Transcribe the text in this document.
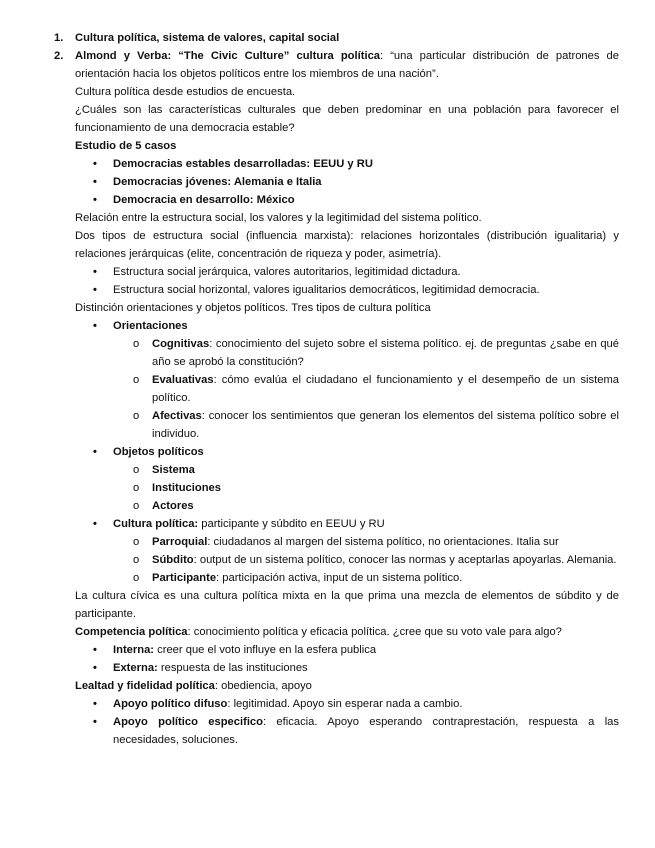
1. Cultura política, sistema de valores, capital social
2. Almond y Verba: “The Civic Culture” cultura política: “una particular distribución de patrones de orientación hacia los objetos políticos entre los miembros de una nación”.
Cultura política desde estudios de encuesta.
¿Cuáles son las características culturales que deben predominar en una población para favorecer el funcionamiento de una democracia estable?
Estudio de 5 casos
• Democracias estables desarrolladas: EEUU y RU
• Democracias jóvenes: Alemania e Italia
• Democracia en desarrollo: México
Relación entre la estructura social, los valores y la legitimidad del sistema político.
Dos tipos de estructura social (influencia marxista): relaciones horizontales (distribución igualitaria) y relaciones jerárquicas (elite, concentración de riqueza y poder, asimetría).
• Estructura social jerárquica, valores autoritarios, legitimidad dictadura.
• Estructura social horizontal, valores igualitarios democráticos, legitimidad democracia.
Distinción orientaciones y objetos políticos. Tres tipos de cultura política
• Orientaciones
o Cognitivas: conocimiento del sujeto sobre el sistema político. ej. de preguntas ¿sabe en qué año se aprobó la constitución?
o Evaluativas: cómo evalúa el ciudadano el funcionamiento y el desempeño de un sistema político.
o Afectivas: conocer los sentimientos que generan los elementos del sistema político sobre el individuo.
• Objetos políticos
o Sistema
o Instituciones
o Actores
• Cultura política: participante y súbdito en EEUU y RU
o Parroquial: ciudadanos al margen del sistema político, no orientaciones. Italia sur
o Súbdito: output de un sistema político, conocer las normas y aceptarlas apoyarlas. Alemania.
o Participante: participación activa, input de un sistema político.
La cultura cívica es una cultura política mixta en la que prima una mezcla de elementos de súbdito y de participante.
Competencia política: conocimiento política y eficacia política. ¿cree que su voto vale para algo?
• Interna: creer que el voto influye en la esfera publica
• Externa: respuesta de las instituciones
Lealtad y fidelidad política: obediencia, apoyo
• Apoyo político difuso: legitimidad. Apoyo sin esperar nada a cambio.
• Apoyo político especifico: eficacia. Apoyo esperando contraprestación, respuesta a las necesidades, soluciones.
